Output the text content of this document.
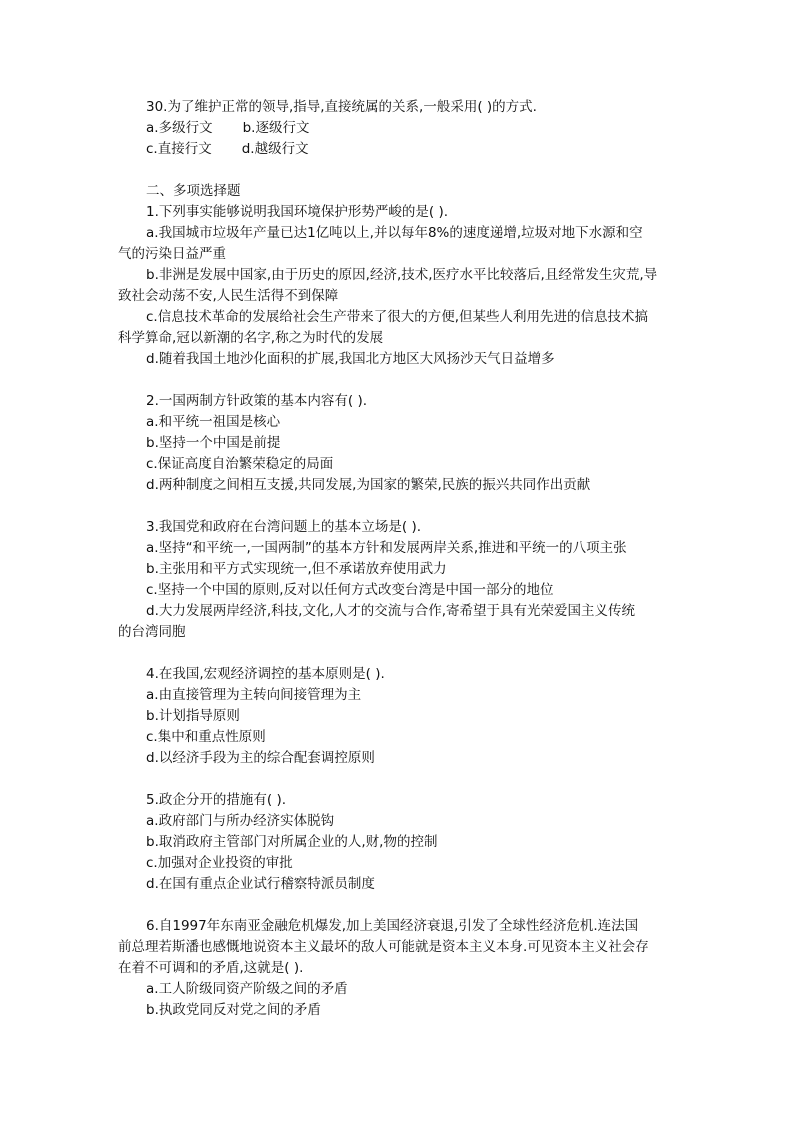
30.为了维护正常的领导,指导,直接统属的关系,一般采用( )的方式.
a.多级行文 b.逐级行文
c.直接行文 d.越级行文
二、多项选择题
1.下列事实能够说明我国环境保护形势严峻的是( ).
a.我国城市垃圾年产量已达1亿吨以上,并以每年8%的速度递增,垃圾对地下水源和空
气的污染日益严重
b.非洲是发展中国家,由于历史的原因,经济,技术,医疗水平比较落后,且经常发生灾荒,导
致社会动荡不安,人民生活得不到保障
c.信息技术革命的发展给社会生产带来了很大的方便,但某些人利用先进的信息技术搞
科学算命,冠以新潮的名字,称之为时代的发展
d.随着我国土地沙化面积的扩展,我国北方地区大风扬沙天气日益增多
2.一国两制方针政策的基本内容有( ).
a.和平统一祖国是核心
b.坚持一个中国是前提
c.保证高度自治繁荣稳定的局面
d.两种制度之间相互支援,共同发展,为国家的繁荣,民族的振兴共同作出贡献
3.我国党和政府在台湾问题上的基本立场是( ).
a.坚持“和平统一,一国两制”的基本方针和发展两岸关系,推进和平统一的八项主张
b.主张用和平方式实现统一,但不承诺放弃使用武力
c.坚持一个中国的原则,反对以任何方式改变台湾是中国一部分的地位
d.大力发展两岸经济,科技,文化,人才的交流与合作,寄希望于具有光荣爱国主义传统
的台湾同胞
4.在我国,宏观经济调控的基本原则是( ).
a.由直接管理为主转向间接管理为主
b.计划指导原则
c.集中和重点性原则
d.以经济手段为主的综合配套调控原则
5.政企分开的措施有( ).
a.政府部门与所办经济实体脱钩
b.取消政府主管部门对所属企业的人,财,物的控制
c.加强对企业投资的审批
d.在国有重点企业试行稽察特派员制度
6.自1997年东南亚金融危机爆发,加上美国经济衰退,引发了全球性经济危机.连法国
前总理若斯潘也感慨地说资本主义最坏的敌人可能就是资本主义本身.可见资本主义社会存
在着不可调和的矛盾,这就是( ).
a.工人阶级同资产阶级之间的矛盾
b.执政党同反对党之间的矛盾
